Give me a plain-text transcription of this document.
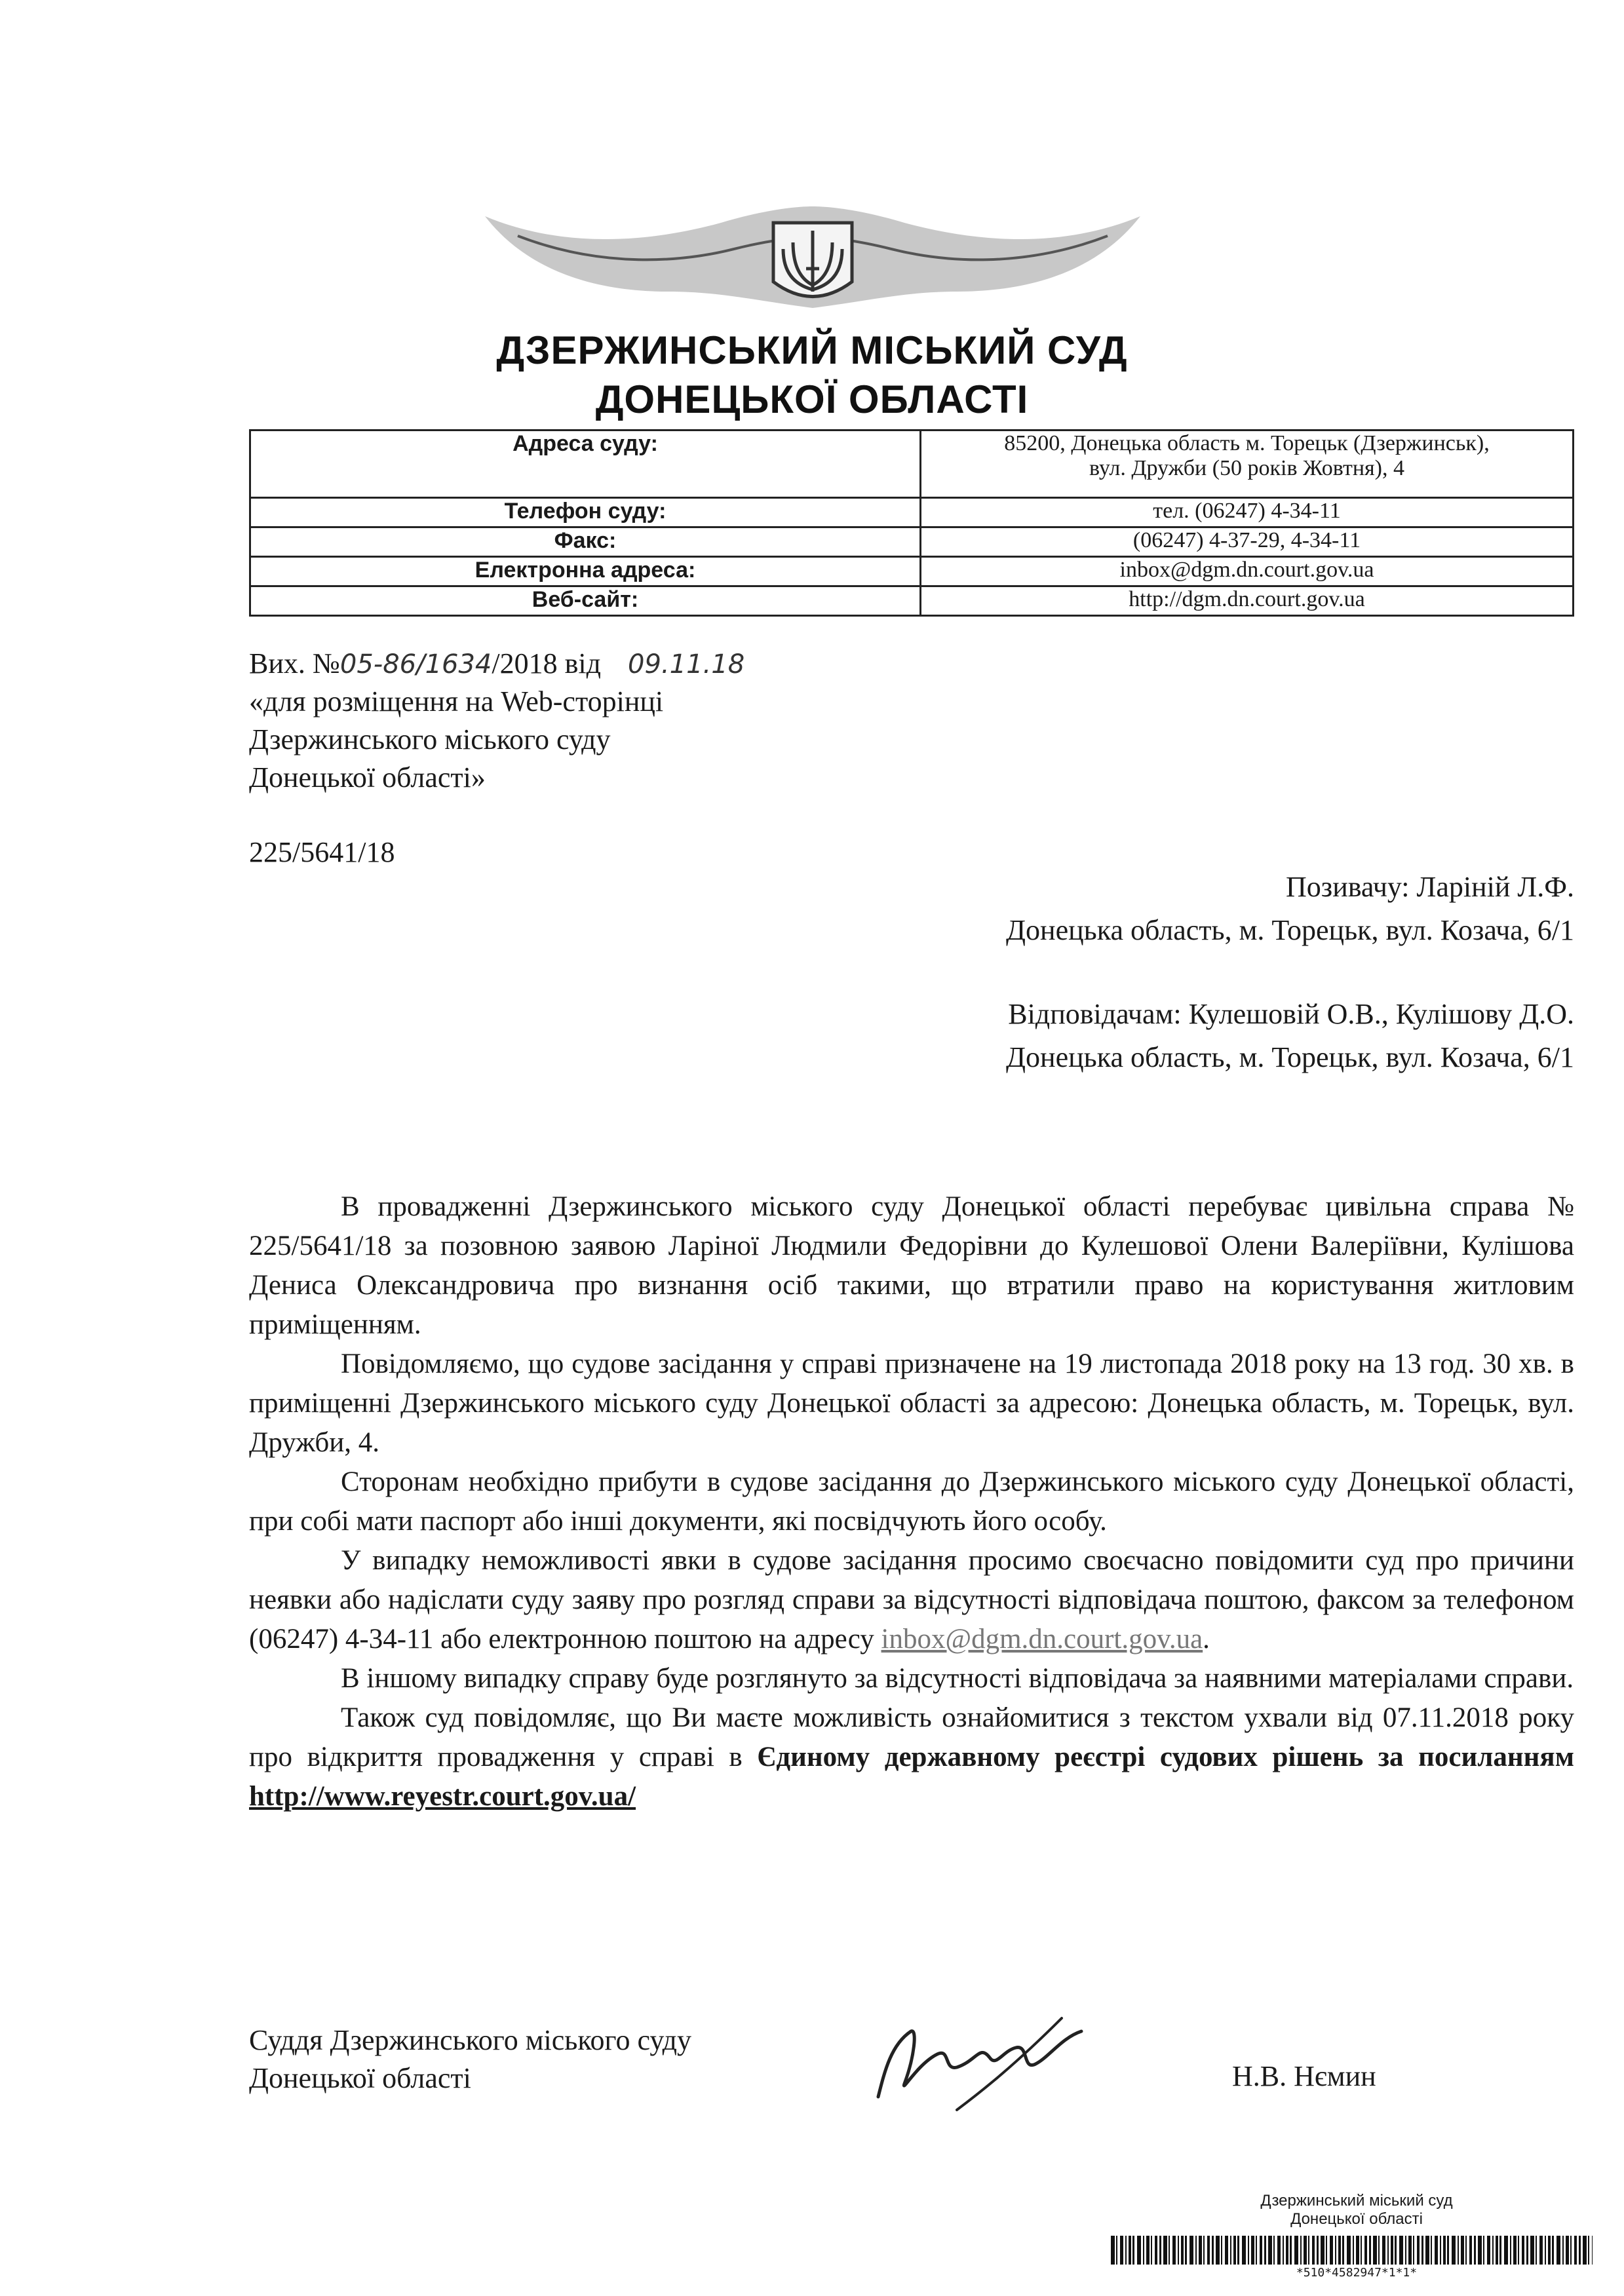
ДЗЕРЖИНСЬКИЙ МІСЬКИЙ СУД
ДОНЕЦЬКОЇ ОБЛАСТІ
Адреса суду:	85200, Донецька область м. Торецьк (Дзержинськ),
вул. Дружби (50 років Жовтня), 4

Телефон суду:	тел. (06247) 4-34-11
Факс:	(06247) 4-37-29, 4-34-11
Електронна адреса:	inbox@dgm.dn.court.gov.ua
Веб-сайт:	http://dgm.dn.court.gov.ua
Вих. №05-86/1634/2018 від 09.11.18
«для розміщення на Web-сторінці
Дзержинського міського суду
Донецької області»
225/5641/18
Позивачу: Ларіній Л.Ф.
Донецька область, м. Торецьк, вул. Козача, 6/1
Відповідачам: Кулешовій О.В., Кулішову Д.О.
Донецька область, м. Торецьк, вул. Козача, 6/1

В провадженні Дзержинського міського суду Донецької області перебуває цивільна справа № 225/5641/18 за позовною заявою Ларіної Людмили Федорівни до Кулешової Олени Валеріївни, Кулішова Дениса Олександровича про визнання осіб такими, що втратили право на користування житловим приміщенням.

Повідомляємо, що судове засідання у справі призначене на 19 листопада 2018 року на 13 год. 30 хв. в приміщенні Дзержинського міського суду Донецької області за адресою: Донецька область, м. Торецьк, вул. Дружби, 4.

Сторонам необхідно прибути в судове засідання до Дзержинського міського суду Донецької області, при собі мати паспорт або інші документи, які посвідчують його особу.

У випадку неможливості явки в судове засідання просимо своєчасно повідомити суд про причини неявки або надіслати суду заяву про розгляд справи за відсутності відповідача поштою, факсом за телефоном (06247) 4-34-11 або електронною поштою на адресу inbox@dgm.dn.court.gov.ua.

В іншому випадку справу буде розглянуто за відсутності відповідача за наявними матеріалами справи.

Також суд повідомляє, що Ви маєте можливість ознайомитися з текстом ухвали від 07.11.2018 року про відкриття провадження у справі в Єдиному державному реєстрі судових рішень за посиланням http://www.reyestr.court.gov.ua/

Суддя Дзержинського міського суду
Донецької області	Н.В. Нємин
Дзержинський міський суд
Донецької області
*510*4582947*1*1*
